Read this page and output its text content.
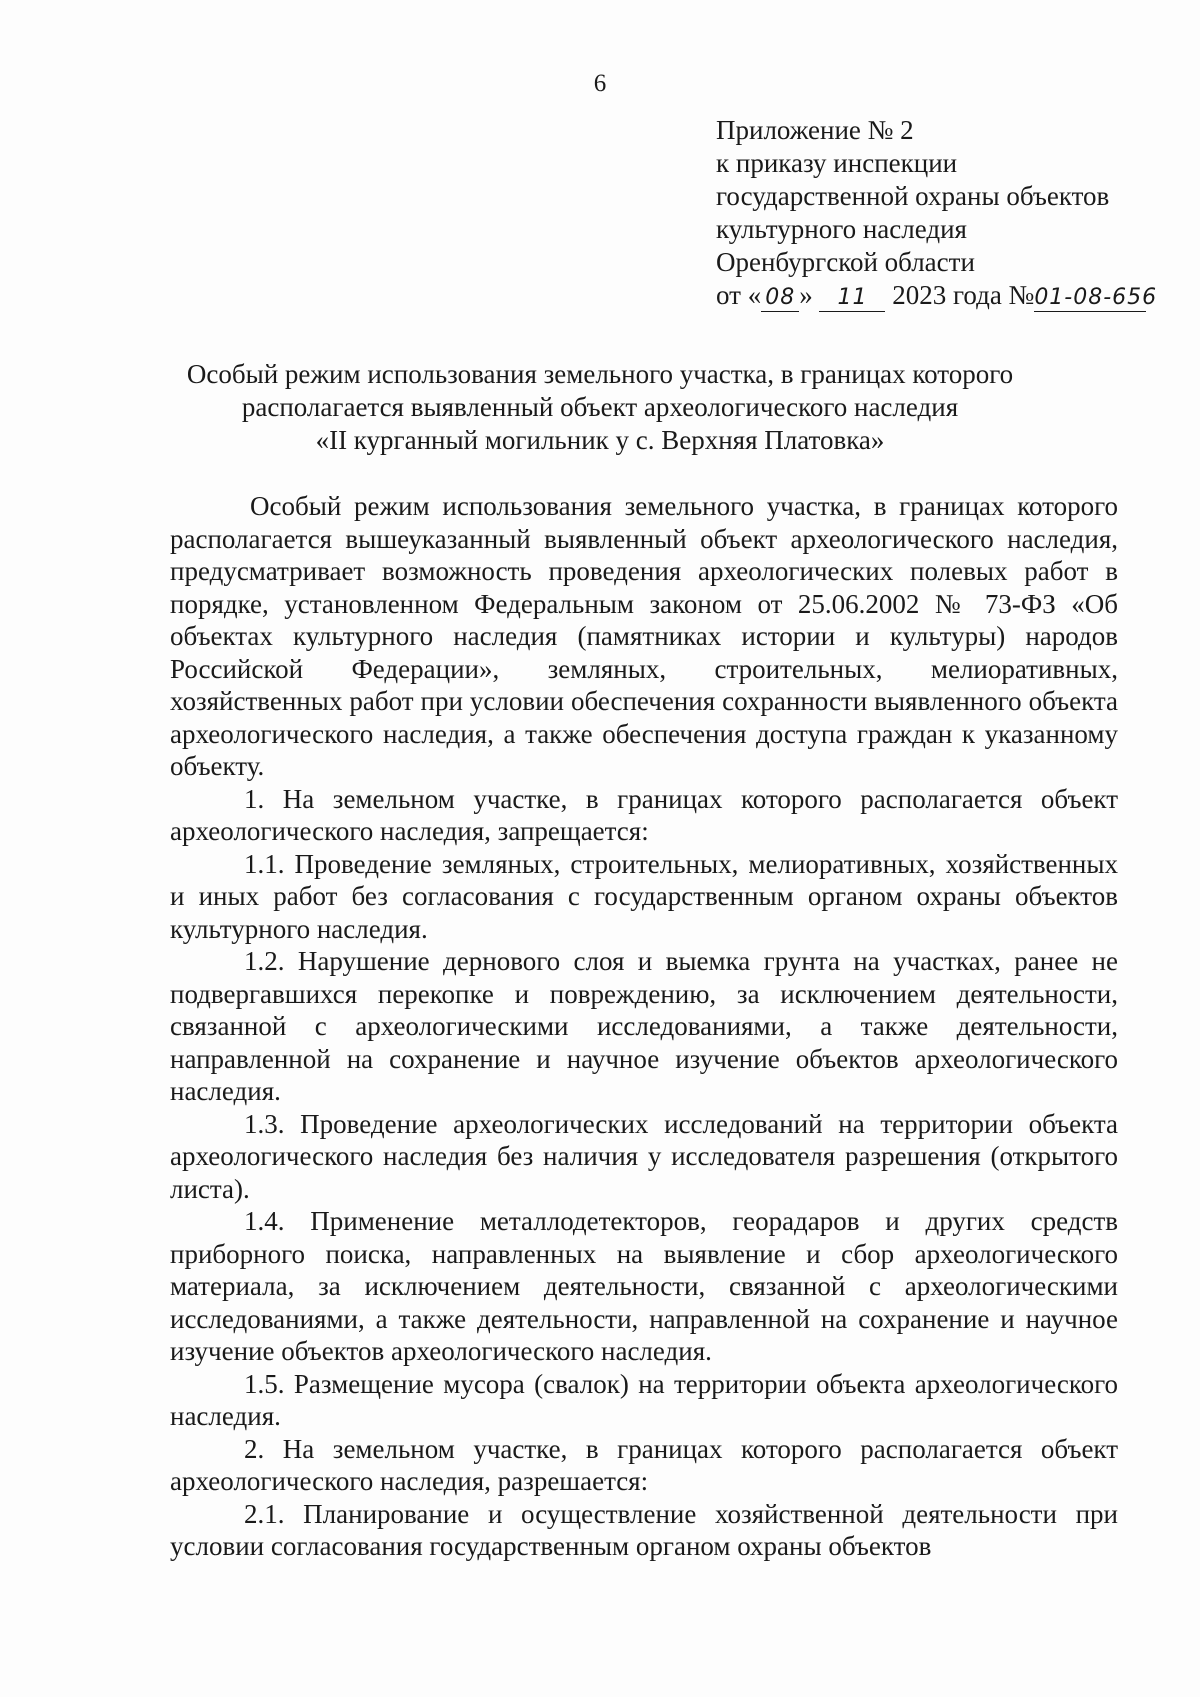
6
Приложение № 2
к приказу инспекции
государственной охраны объектов
культурного наследия
Оренбургской области
от « 08 » 11 2023 года №01-08-656
Особый режим использования земельного участка, в границах которого
располагается выявленный объект археологического наследия
«II курганный могильник у с. Верхняя Платовка»

Особый режим использования земельного участка, в границах которого располагается вышеуказанный выявленный объект археологического наследия, предусматривает возможность проведения археологических полевых работ в порядке, установленном Федеральным законом от 25.06.2002 № 73-ФЗ «Об объектах культурного наследия (памятниках истории и культуры) народов Российской Федерации», земляных, строительных, мелиоративных, хозяйственных работ при условии обеспечения сохранности выявленного объекта археологического наследия, а также обеспечения доступа граждан к указанному объекту.

1. На земельном участке, в границах которого располагается объект археологического наследия, запрещается:

1.1. Проведение земляных, строительных, мелиоративных, хозяйственных и иных работ без согласования с государственным органом охраны объектов культурного наследия.

1.2. Нарушение дернового слоя и выемка грунта на участках, ранее не подвергавшихся перекопке и повреждению, за исключением деятельности, связанной с археологическими исследованиями, а также деятельности, направленной на сохранение и научное изучение объектов археологического наследия.

1.3. Проведение археологических исследований на территории объекта археологического наследия без наличия у исследователя разрешения (открытого листа).

1.4. Применение металлодетекторов, георадаров и других средств приборного поиска, направленных на выявление и сбор археологического материала, за исключением деятельности, связанной с археологическими исследованиями, а также деятельности, направленной на сохранение и научное изучение объектов археологического наследия.

1.5. Размещение мусора (свалок) на территории объекта археологического наследия.

2. На земельном участке, в границах которого располагается объект археологического наследия, разрешается:

2.1. Планирование и осуществление хозяйственной деятельности при условии согласования государственным органом охраны объектов
